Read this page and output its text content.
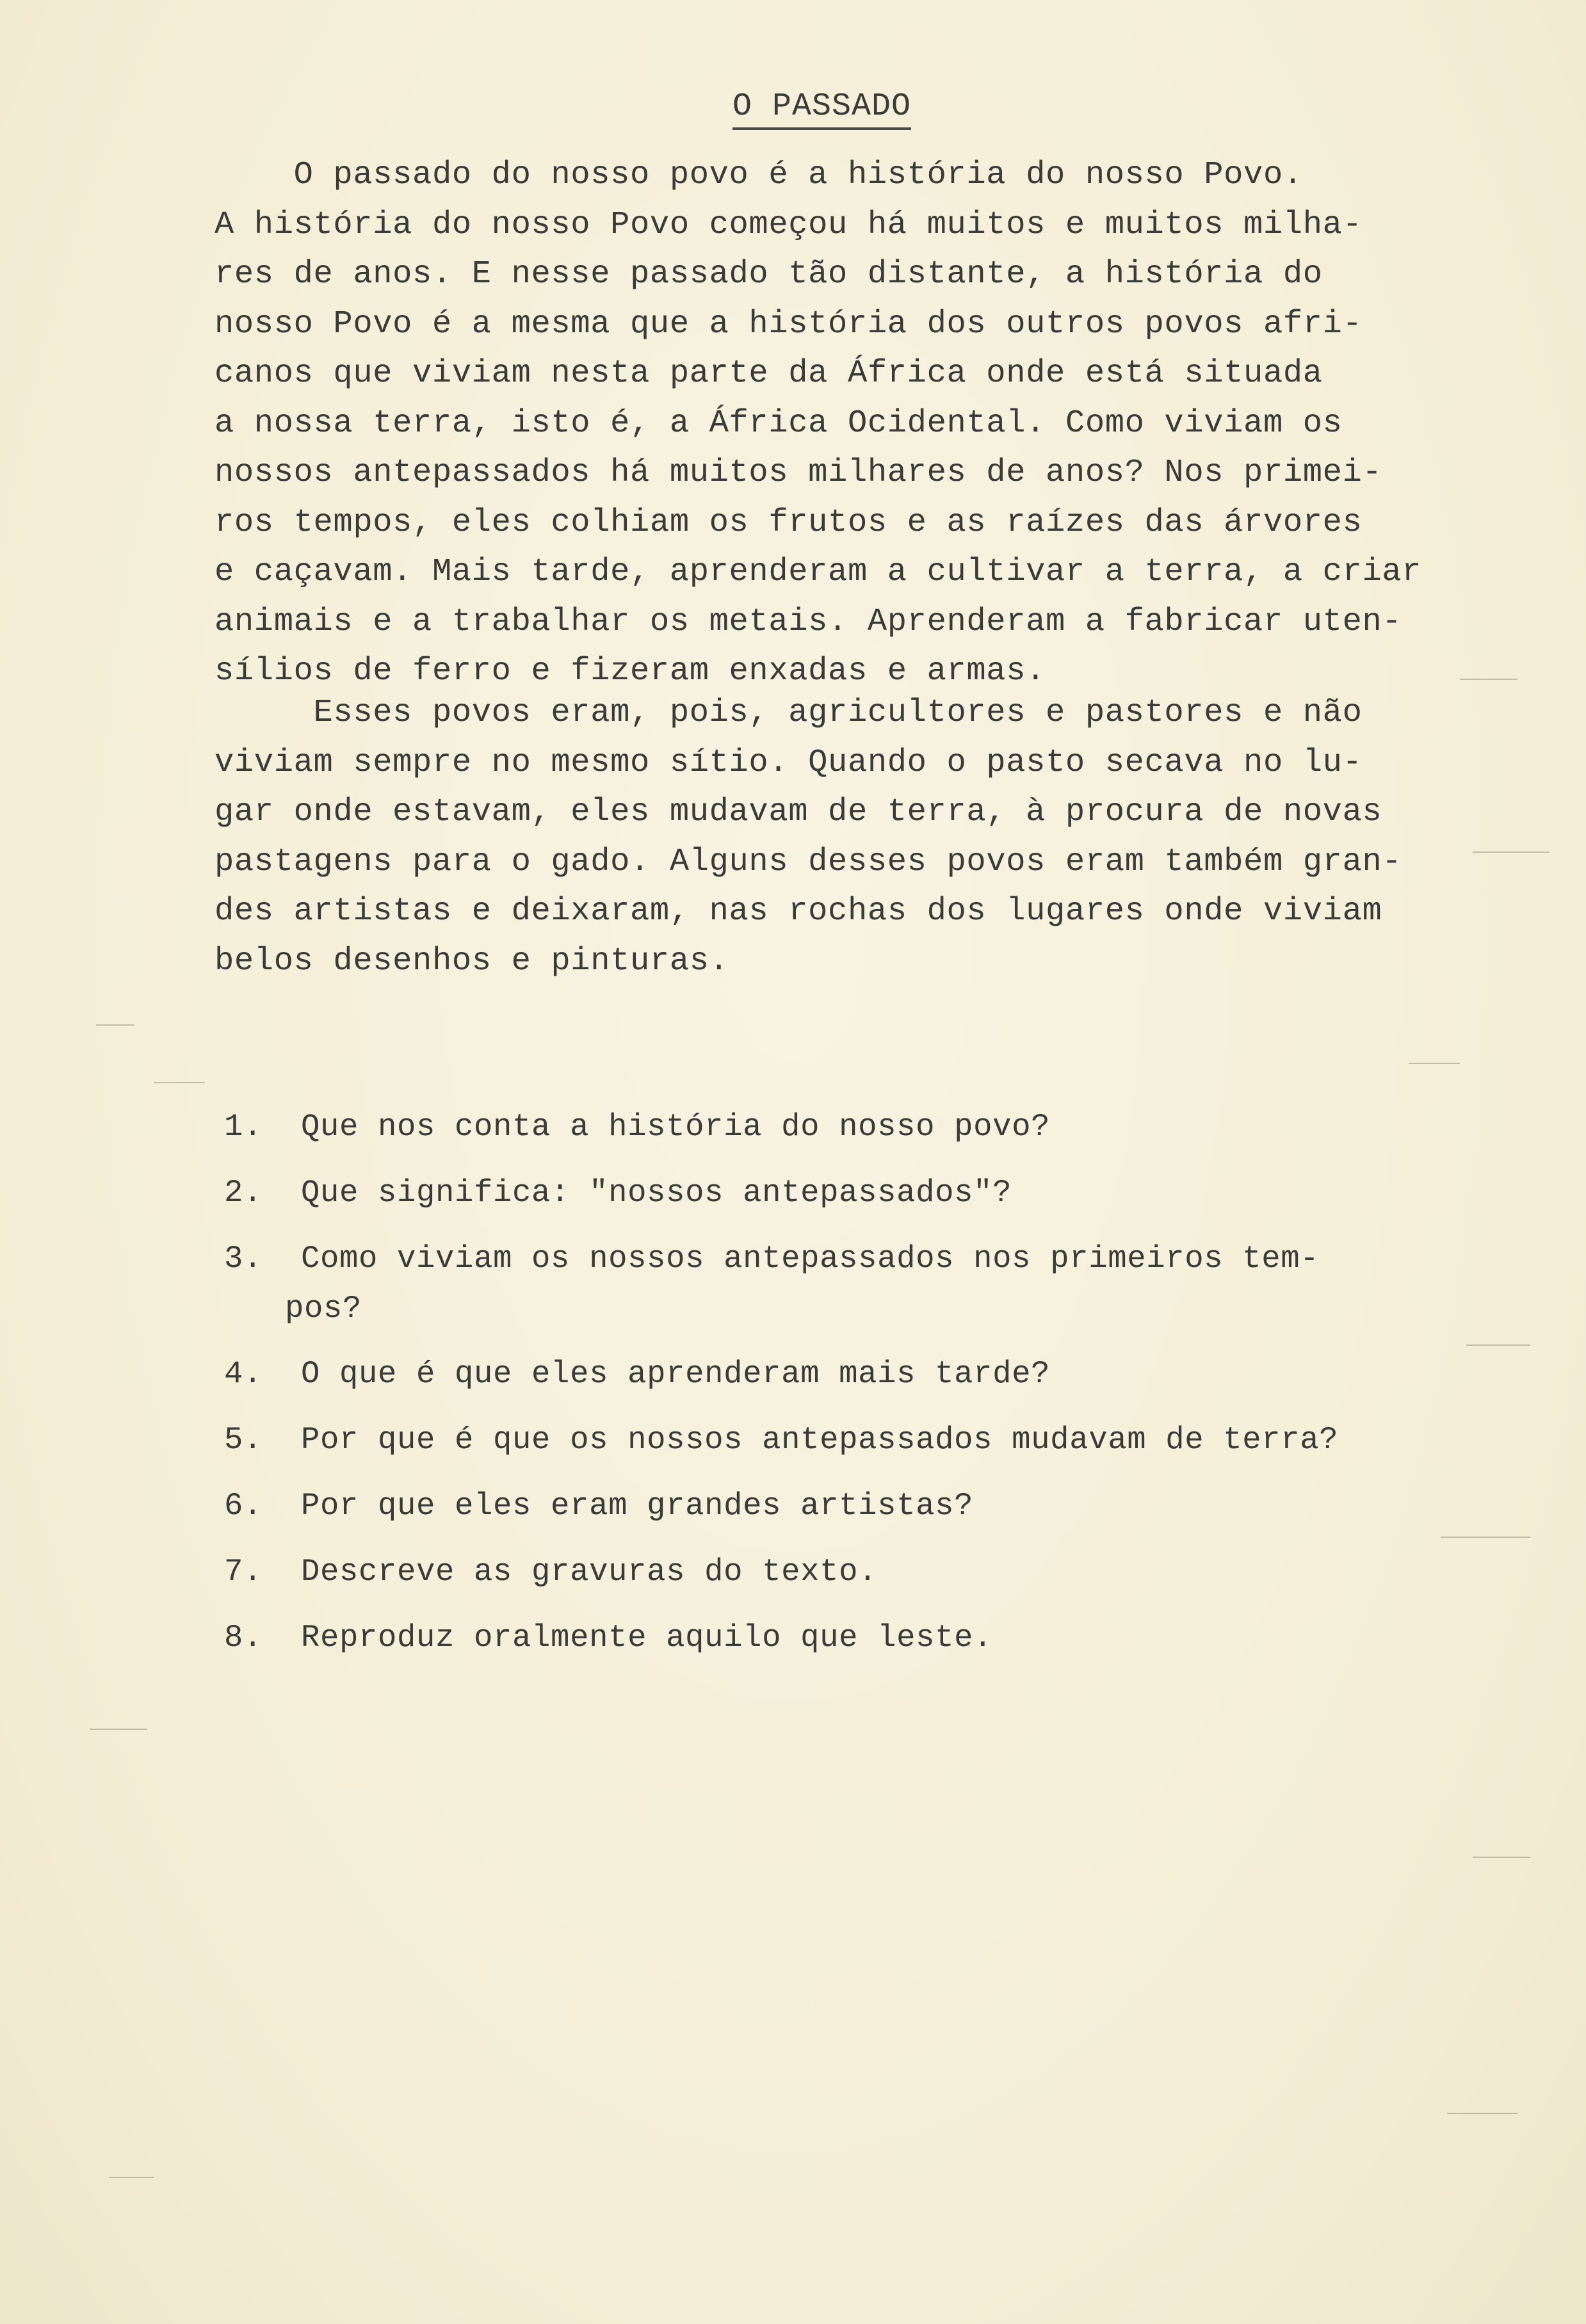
O PASSADO
O passado do nosso povo é a história do nosso Povo.
A história do nosso Povo começou há muitos e muitos milha-
res de anos. E nesse passado tão distante, a história do
nosso Povo é a mesma que a história dos outros povos afri-
canos que viviam nesta parte da África onde está situada
a nossa terra, isto é, a África Ocidental. Como viviam os
nossos antepassados há muitos milhares de anos? Nos primei-
ros tempos, eles colhiam os frutos e as raízes das árvores
e caçavam. Mais tarde, aprenderam a cultivar a terra, a criar
animais e a trabalhar os metais. Aprenderam a fabricar uten-
sílios de ferro e fizeram enxadas e armas.
Esses povos eram, pois, agricultores e pastores e não
viviam sempre no mesmo sítio. Quando o pasto secava no lu-
gar onde estavam, eles mudavam de terra, à procura de novas
pastagens para o gado. Alguns desses povos eram também gran-
des artistas e deixaram, nas rochas dos lugares onde viviam
belos desenhos e pinturas.
1.	Que nos conta a história do nosso povo?
2.	Que significa: "nossos antepassados"?
3.	Como viviam os nossos antepassados nos primeiros tem-
pos?
4.	O que é que eles aprenderam mais tarde?
5.	Por que é que os nossos antepassados mudavam de terra?
6.	Por que eles eram grandes artistas?
7.	Descreve as gravuras do texto.
8.	Reproduz oralmente aquilo que leste.
